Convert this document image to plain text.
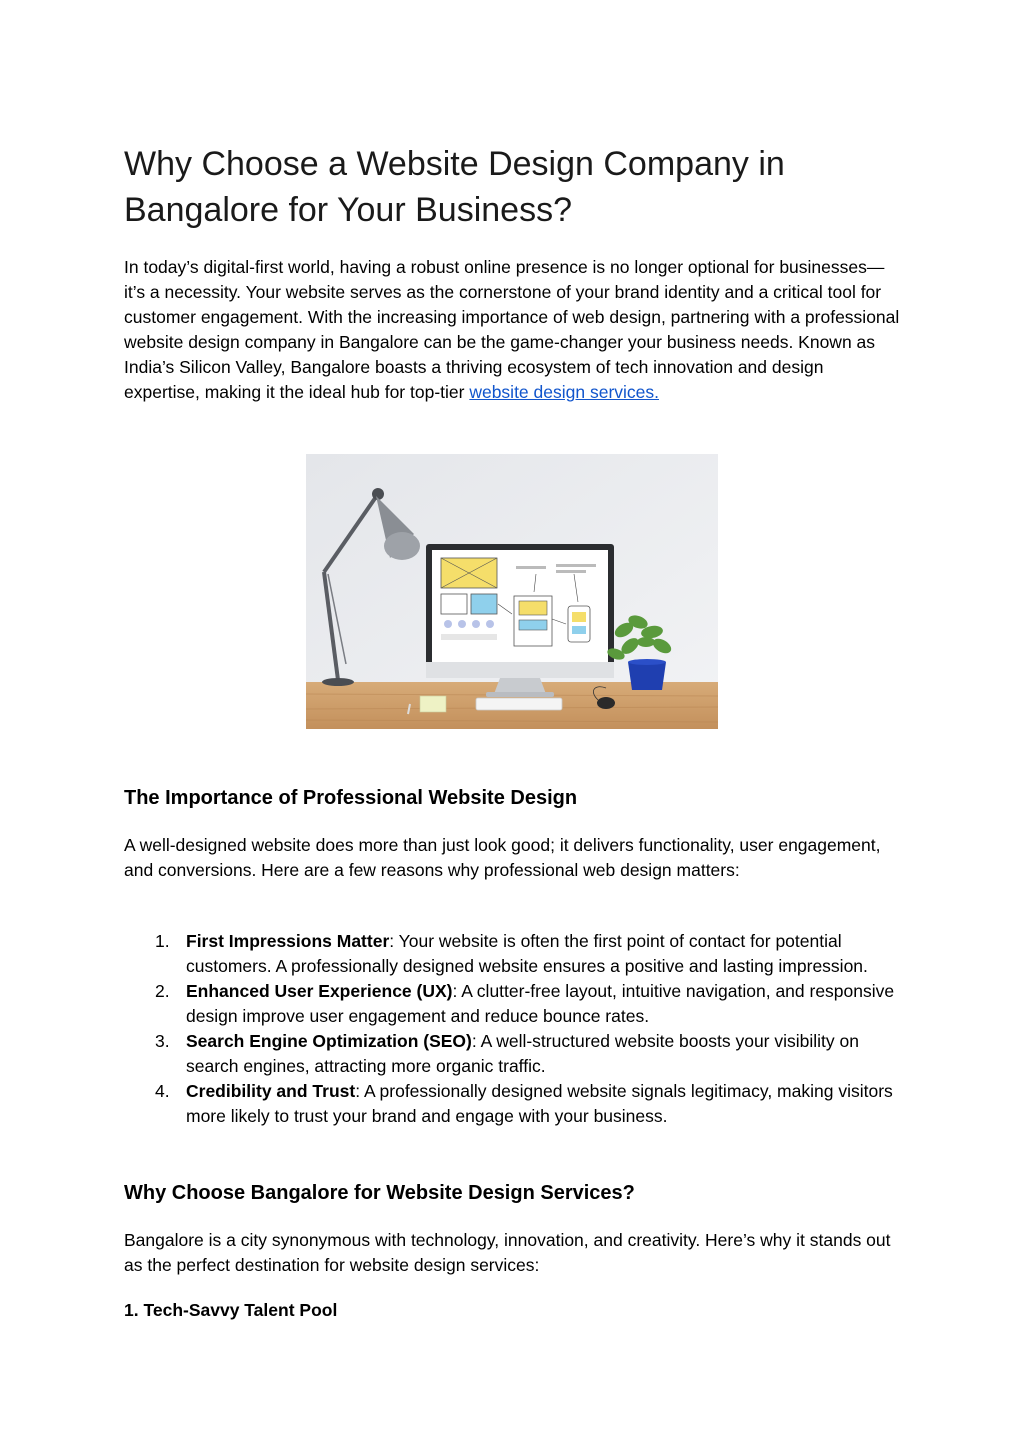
Why Choose a Website Design Company in Bangalore for Your Business?

In today’s digital-first world, having a robust online presence is no longer optional for businesses—it’s a necessity. Your website serves as the cornerstone of your brand identity and a critical tool for customer engagement. With the increasing importance of web design, partnering with a professional website design company in Bangalore can be the game-changer your business needs. Known as India’s Silicon Valley, Bangalore boasts a thriving ecosystem of tech innovation and design expertise, making it the ideal hub for top-tier website design services.

The Importance of Professional Website Design

A well-designed website does more than just look good; it delivers functionality, user engagement, and conversions. Here are a few reasons why professional web design matters:

1. First Impressions Matter: Your website is often the first point of contact for potential customers. A professionally designed website ensures a positive and lasting impression.
2. Enhanced User Experience (UX): A clutter-free layout, intuitive navigation, and responsive design improve user engagement and reduce bounce rates.
3. Search Engine Optimization (SEO): A well-structured website boosts your visibility on search engines, attracting more organic traffic.
4. Credibility and Trust: A professionally designed website signals legitimacy, making visitors more likely to trust your brand and engage with your business.
Why Choose Bangalore for Website Design Services?

Bangalore is a city synonymous with technology, innovation, and creativity. Here’s why it stands out as the perfect destination for website design services:

1. Tech-Savvy Talent Pool
